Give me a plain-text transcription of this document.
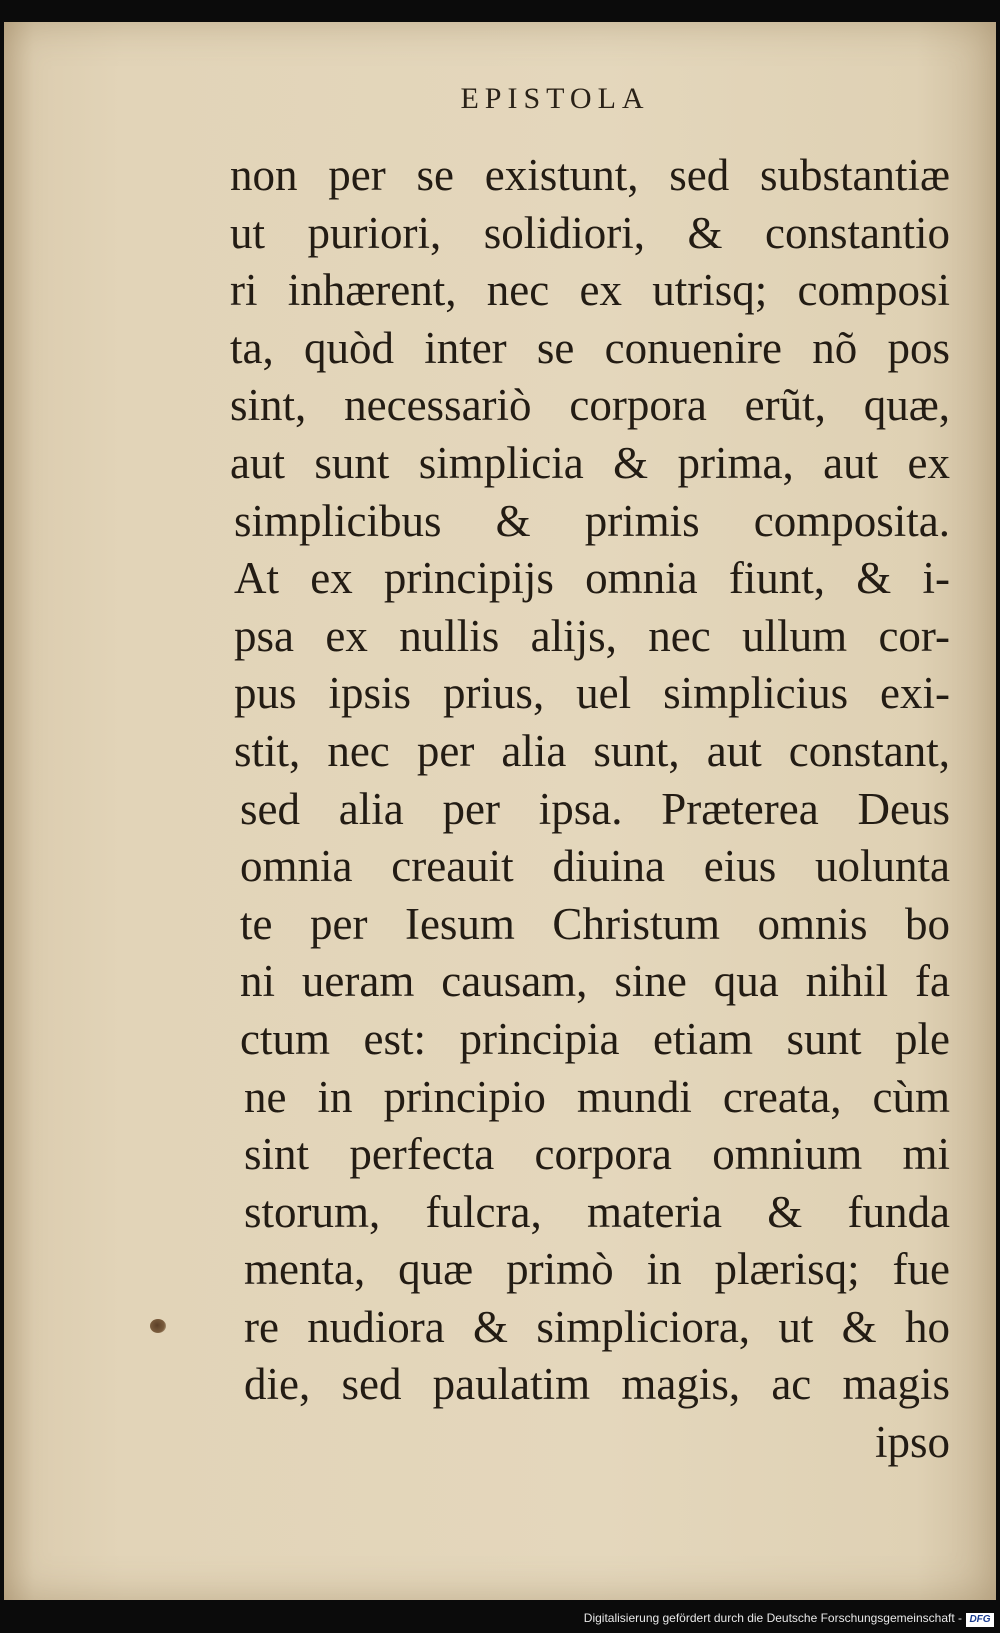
EPISTOLA
non per se existunt, sed substantiæ
ut puriori, solidiori, & constantio
ri inhærent, nec ex utrisq; composi
ta, quòd inter se conuenire nõ pos
sint, necessariò corpora erũt, quæ,
aut sunt simplicia & prima, aut ex
simplicibus & primis composita.
At ex principijs omnia fiunt, & i-
psa ex nullis alijs, nec ullum cor-
pus ipsis prius, uel simplicius exi-
stit, nec per alia sunt, aut constant,
sed alia per ipsa. Præterea Deus
omnia creauit diuina eius uolunta
te per Iesum Christum omnis bo
ni ueram causam, sine qua nihil fa
ctum est: principia etiam sunt ple
ne in principio mundi creata, cùm
sint perfecta corpora omnium mi
storum, fulcra, materia & funda
menta, quæ primò in plærisq; fue
re nudiora & simpliciora, ut & ho
die, sed paulatim magis, ac magis
ipso
Digitalisierung gefördert durch die Deutsche Forschungsgemeinschaft - DFG
